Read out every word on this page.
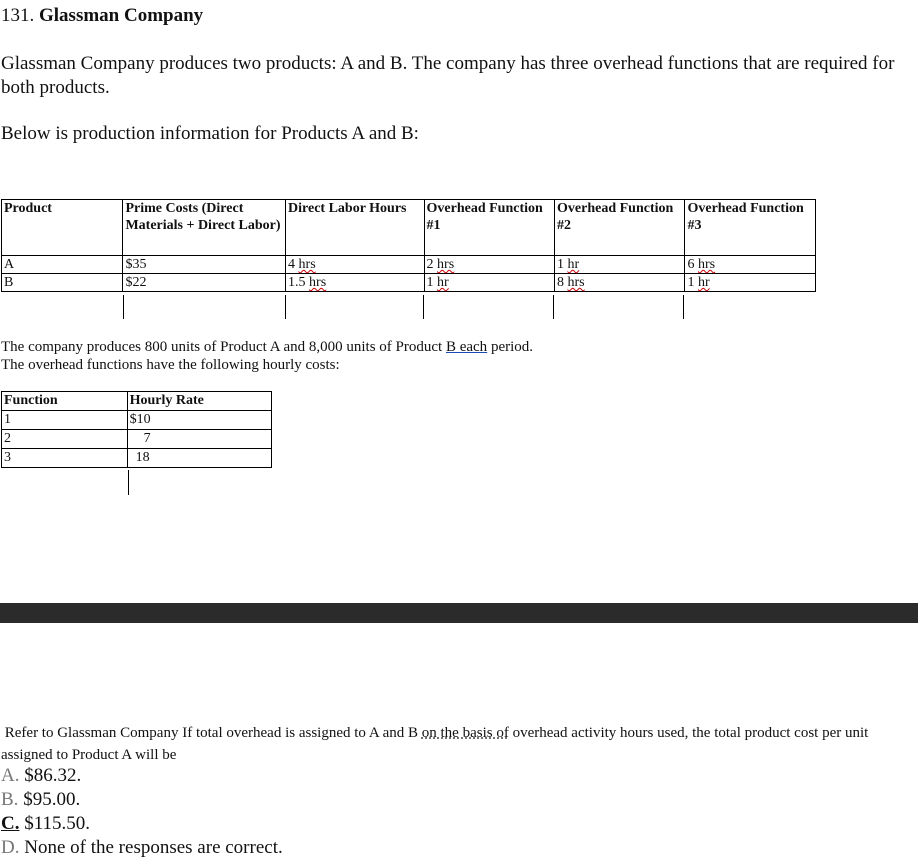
131. Glassman Company
Glassman Company produces two products: A and B. The company has three overhead functions that are required for both products.
Below is production information for Products A and B:
Product	Prime Costs (Direct Materials + Direct Labor)	Direct Labor Hours	Overhead Function #1	Overhead Function #2	Overhead Function #3
A	$35	4 hrs	2 hrs	1 hr	6 hrs
B	$22	1.5 hrs	1 hr	8 hrs	1 hr
The company produces 800 units of Product A and 8,000 units of Product B each period.
The overhead functions have the following hourly costs:
Function	Hourly Rate
1	$10
2	7
3	18
Refer to Glassman Company If total overhead is assigned to A and B on the basis of overhead activity hours used, the total product cost per unit assigned to Product A will be
A. $86.32.
B. $95.00.
C. $115.50.
D. None of the responses are correct.
